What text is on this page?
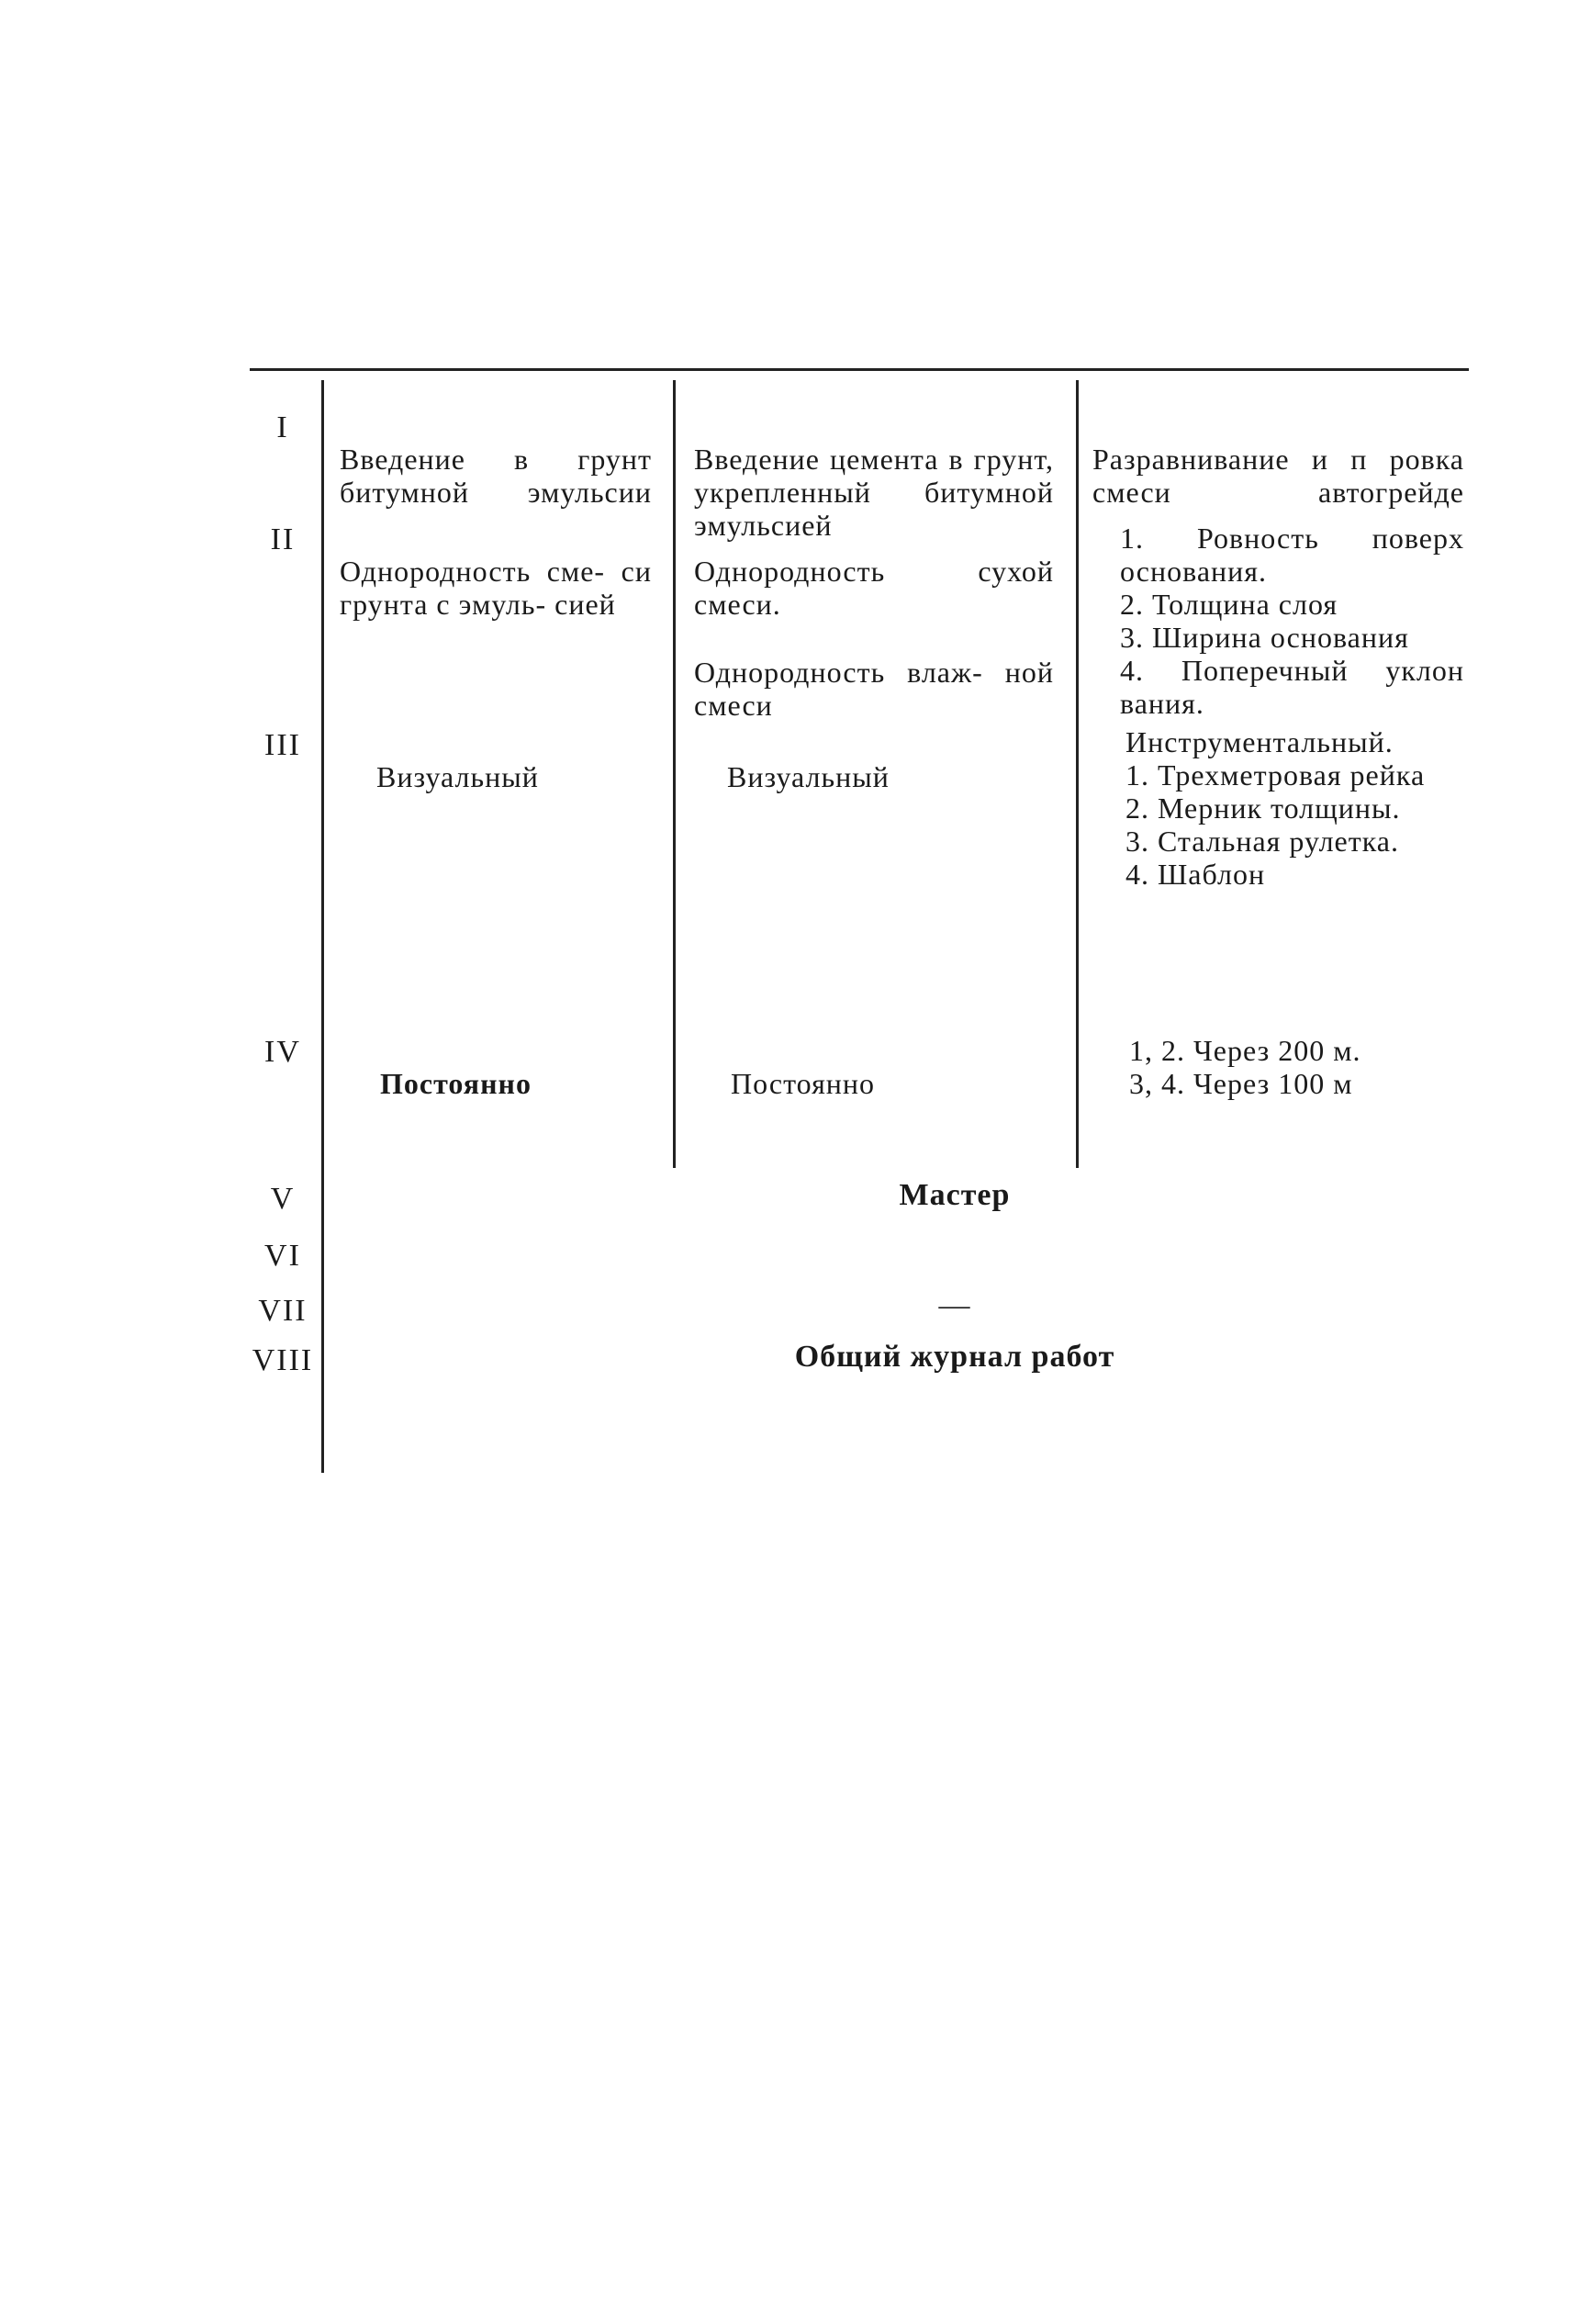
I
II
III
IV
V
VI
VII
VIII

Введение в грунт битумной эмульсии

Введение цемента в грунт, укрепленный битумной эмульсией

Разравнивание и п ровка смеси автогрейде

Однородность сме- си грунта с эмуль- сией

Однородность сухой смеси.

Однородность влаж- ной смеси

1. Ровность поверх основания.
2. Толщина слоя
3. Ширина основания
4. Поперечный уклон вания.

Визуальный	Визуальный

Инструментальный.
1. Трехметровая рейка
2. Мерник толщины.
3. Стальная рулетка.
4. Шаблон

Постоянно	Постоянно

1, 2. Через 200 м.
3, 4. Через 100 м
Мастер
—
Общий журнал работ
